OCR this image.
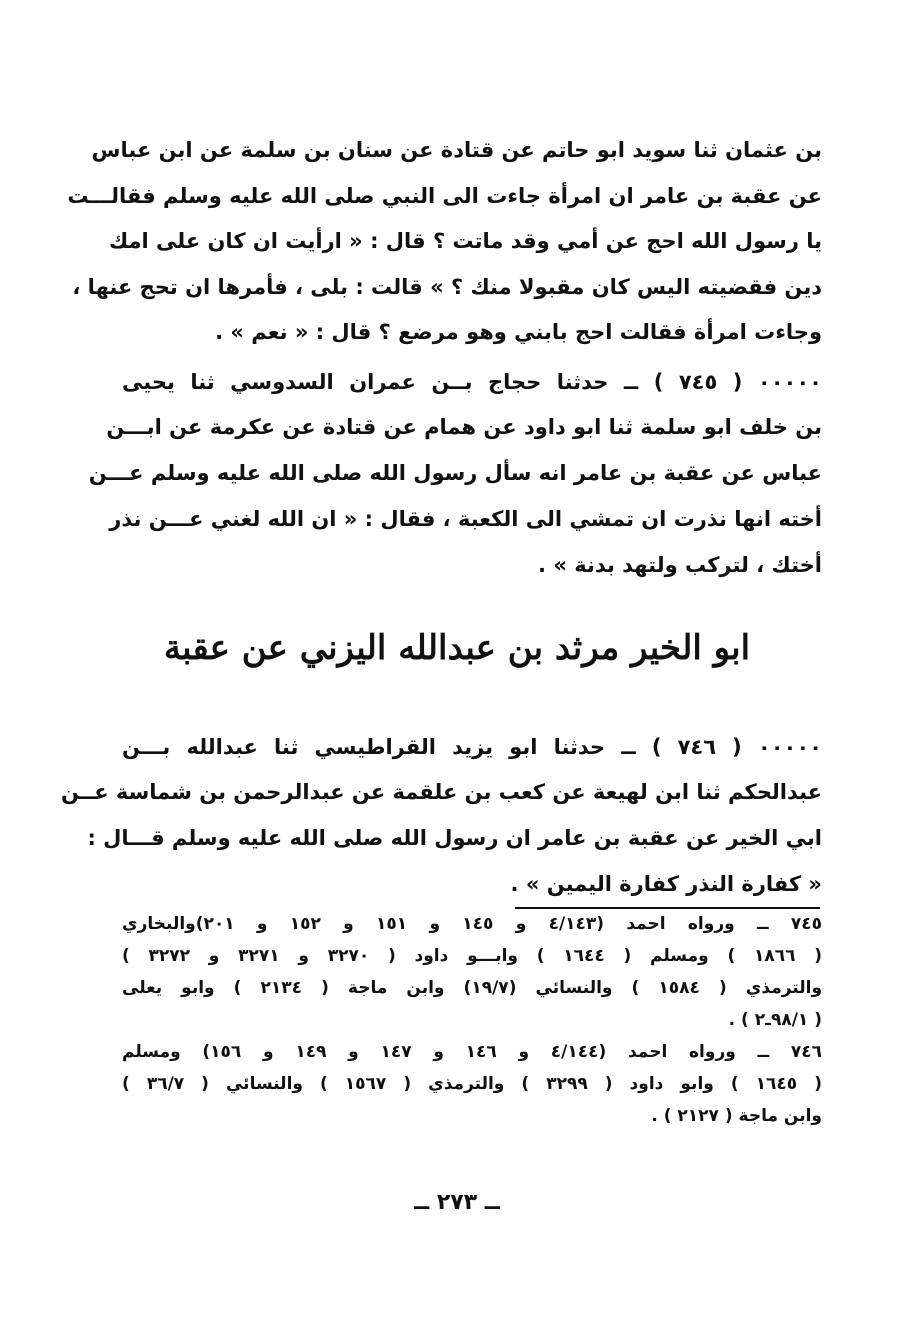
بن عثمان ثنا سويد ابو حاتم عن قتادة عن سنان بن سلمة عن ابن عباس
عن عقبة بن عامر ان امرأة جاءت الى النبي صلى الله عليه وسلم فقالـــت
يا رسول الله احج عن أمي وقد ماتت ؟ قال : « ارأيت ان كان على امك
دين فقضيته اليس كان مقبولا منك ؟ » قالت : بلى ، فأمرها ان تحج عنها ،
وجاءت امرأة فقالت احج بابني وهو مرضع ؟ قال : « نعم » .
٠٠٠٠٠ ( ٧٤٥ ) ــ حدثنا حجاج بــن عمران السدوسي ثنا يحيى
بن خلف ابو سلمة ثنا ابو داود عن همام عن قتادة عن عكرمة عن ابـــن
عباس عن عقبة بن عامر انه سأل رسول الله صلى الله عليه وسلم عـــن
أخته انها نذرت ان تمشي الى الكعبة ، فقال : « ان الله لغني عـــن نذر
أختك ، لتركب ولتهد بدنة » .
ابو الخير مرثد بن عبدالله اليزني عن عقبة
٠٠٠٠٠ ( ٧٤٦ ) ــ حدثنا ابو يزيد القراطيسي ثنا عبدالله بـــن
عبدالحكم ثنا ابن لهيعة عن كعب بن علقمة عن عبدالرحمن بن شماسة عــن
ابي الخير عن عقبة بن عامر ان رسول الله صلى الله عليه وسلم قـــال :
« كفارة النذر كفارة اليمين » .
٧٤٥ ــ ورواه احمد (٤/١٤٣ و ١٤٥ و ١٥١ و ١٥٢ و ٢٠١)والبخاري
( ١٨٦٦ ) ومسلم ( ١٦٤٤ ) وابـــو داود ( ٣٢٧٠ و ٣٢٧١ و ٣٢٧٢ )
والترمذي ( ١٥٨٤ ) والنسائي (١٩/٧) وابن ماجة ( ٢١٣٤ ) وابو يعلى
( ٩٨/١ـ٢ ) .
٧٤٦ ــ ورواه احمد (٤/١٤٤ و ١٤٦ و ١٤٧ و ١٤٩ و ١٥٦) ومسلم
( ١٦٤٥ ) وابو داود ( ٣٢٩٩ ) والترمذي ( ١٥٦٧ ) والنسائي ( ٣٦/٧ )
وابن ماجة ( ٢١٢٧ ) .
ــ ٢٧٣ ــ
